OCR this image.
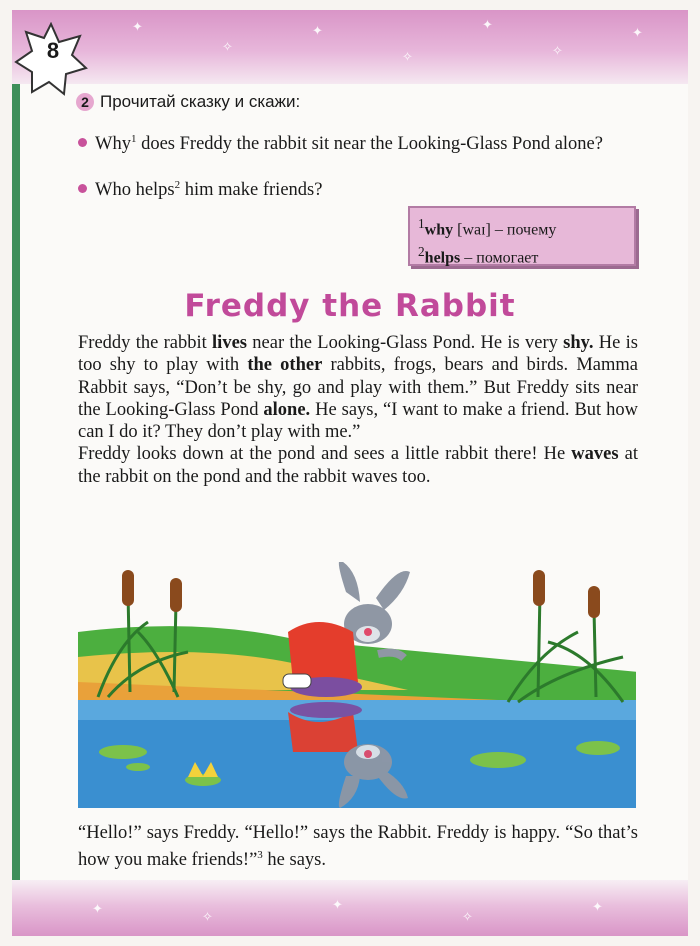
✦
✧
✦
✧
✦
✧
✦
✦
✧
✦
✧
✦
8
2 Прочитай сказку и скажи:
Why$^1$ does Freddy the rabbit sit near the Looking-Glass Pond alone?
Who helps$^2$ him make friends?
$^1$why [waɪ] – почему
$^2$helps – помогает
Freddy the Rabbit
Freddy the rabbit lives near the Looking-Glass Pond. He is very shy. He is too shy to play with the other rabbits, frogs, bears and birds. Mamma Rabbit says, “Don’t be shy, go and play with them.” But Freddy sits near the Looking-Glass Pond alone. He says, “I want to make a friend. But how can I do it? They don’t play with me.”
Freddy looks down at the pond and sees a little rabbit there! He waves at the rabbit on the pond and the rabbit waves too.
“Hello!” says Freddy. “Hello!” says the Rabbit. Freddy is happy. “So that’s how you make friends!”$^3$ he says.
